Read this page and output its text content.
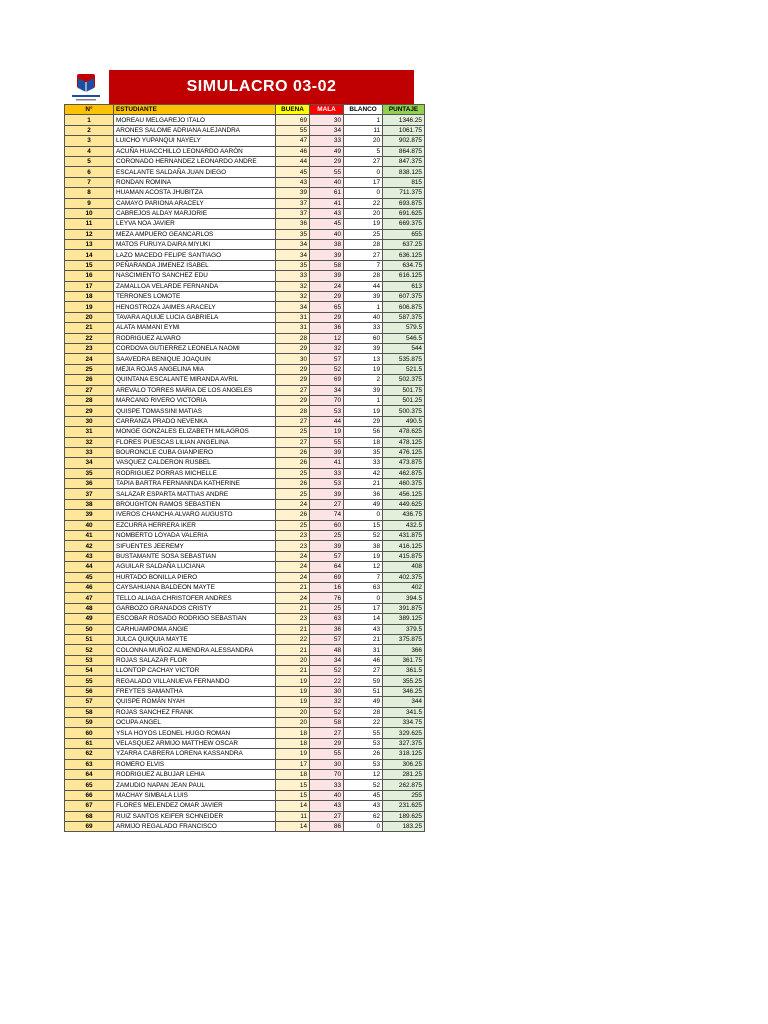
SIMULACRO 03-02
N°	ESTUDIANTE	BUENA	MALA	BLANCO	PUNTAJE
1	MOREAU MELGAREJO ITALO	69	30	1	1346.25
2	ARONES SALOME ADRIANA ALEJANDRA	55	34	11	1061.75
3	LUICHO YUPANQUI NAYELY	47	33	20	902.875
4	ACUÑA HUACCHILLO LEONARDO AARÓN	46	49	5	864.875
5	CORONADO HERNANDEZ LEONARDO ANDRE	44	29	27	847.375
6	ESCALANTE SALDAÑA JUAN DIEGO	45	55	0	838.125
7	RONDAN ROMINA	43	40	17	815
8	HUAMAN ACOSTA JHUBITZA	39	61	0	711.375
9	CAMAYO PARIONA ARACELY	37	41	22	693.875
10	CABREJOS ALDAY MARJORIE	37	43	20	691.625
11	LEYVA NOA JAVIER	36	45	19	669.375
12	MEZA AMPUERO GEANCARLOS	35	40	25	655
13	MATOS FURUYA DAIRA MIYUKI	34	38	28	637.25
14	LAZO MACEDO FELIPE SANTIAGO	34	39	27	636.125
15	PEÑARANDA JIMENEZ ISABEL	35	58	7	634.75
16	NASCIMIENTO SANCHEZ EDU	33	39	28	616.125
17	ZAMALLOA VELARDE FERNANDA	32	24	44	613
18	TERRONES LOMOTE	32	29	39	607.375
19	HENOSTROZA JAIMES ARACELY	34	65	1	606.875
20	TAVARA AQUIJE LUCIA GABRIELA	31	29	40	587.375
21	ALATA MAMANI EYMI	31	36	33	579.5
22	RODRIGUEZ ALVARO	28	12	60	546.5
23	CORDOVA GUTIERREZ LEONELA NAOMI	29	32	39	544
24	SAAVEDRA BENIQUE JOAQUIN	30	57	13	535.875
25	MEJIA ROJAS ANGELINA MIA	29	52	19	521.5
26	QUINTANA ESCALANTE MIRANDA AVRIL	29	69	2	502.375
27	AREVALO TORRES MARIA DE LOS ANGELES	27	34	39	501.75
28	MARCANO RIVERO VICTORIA	29	70	1	501.25
29	QUISPE TOMASSINI MATIAS	28	53	19	500.375
30	CARRANZA PRADO NEVENKA	27	44	29	490.5
31	MONGE GONZALES ELIZABETH MILAGROS	25	19	56	478.625
32	FLORES PUESCAS LILIAN ANGELINA	27	55	18	478.125
33	BOURONCLE CUBA GIANPIERO	26	39	35	476.125
34	VASQUEZ CALDERON RUSBEL	26	41	33	473.875
35	RODRIGUEZ PORRAS MICHELLE	25	33	42	462.875
36	TAPIA BARTRA FERNANNDA KATHERINE	26	53	21	460.375
37	SALAZAR ESPARTA MATTIAS ANDRE	25	39	36	456.125
38	BROUGHTON RAMOS SEBASTIEN	24	27	49	449.625
39	IVEROS CHANCHA ALVARO AUGUSTO	26	74	0	436.75
40	EZCURRA HERRERA IKER	25	60	15	432.5
41	NOMBERTO LOYADA VALERIA	23	25	52	431.875
42	SIFUENTES JEEREMY	23	39	38	416.125
43	BUSTAMANTE SOSA SEBASTIAN	24	57	19	415.875
44	AGUILAR SALDAÑA LUCIANA	24	64	12	408
45	HURTADO BONILLA PIERO	24	69	7	402.375
46	CAYSAHUANA BALDEON MAYTE	21	16	63	402
47	TELLO ALIAGA CHRISTOFER ANDRES	24	76	0	394.5
48	GARBOZO GRANADOS CRISTY	21	25	17	391.875
49	ESCOBAR ROSADO RODRIGO SEBASTIAN	23	63	14	389.125
50	CARHUAMPOMA ANGIE	21	36	43	379.5
51	JULCA QUIQUIA MAYTE	22	57	21	375.875
52	COLONNA MUÑOZ ALMENDRA ALESSANDRA	21	48	31	366
53	ROJAS SALAZAR FLOR	20	34	46	361.75
54	LLONTOP CACHAY VICTOR	21	52	27	361.5
55	REGALADO VILLANUEVA FERNANDO	19	22	59	355.25
56	FREYTES SAMANTHA	19	30	51	346.25
57	QUISPE ROMÁN NYAH	19	32	49	344
58	ROJAS SANCHEZ FRANK	20	52	28	341.5
59	OCUPA ANGEL	20	58	22	334.75
60	YSLA HOYOS LEONEL HUGO ROMAN	18	27	55	329.625
61	VELASQUEZ ARMIJO MATTHEW OSCAR	18	29	53	327.375
62	YZARRA CABRERA LORENA KASSANDRA	19	55	26	318.125
63	ROMERO ELVIS	17	30	53	306.25
64	RODRIGUEZ ALBUJAR LEHIA	18	70	12	281.25
65	ZAMUDIO NAPAN JEAN PAUL	15	33	52	262.875
66	MACHAY SIMBALA LUIS	15	40	45	255
67	FLORES MELENDEZ OMAR JAVIER	14	43	43	231.625
68	RUIZ SANTOS KEIFER SCHNEIDER	11	27	62	189.625
69	ARMIJO REGALADO FRANCISCO	14	86	0	183.25
